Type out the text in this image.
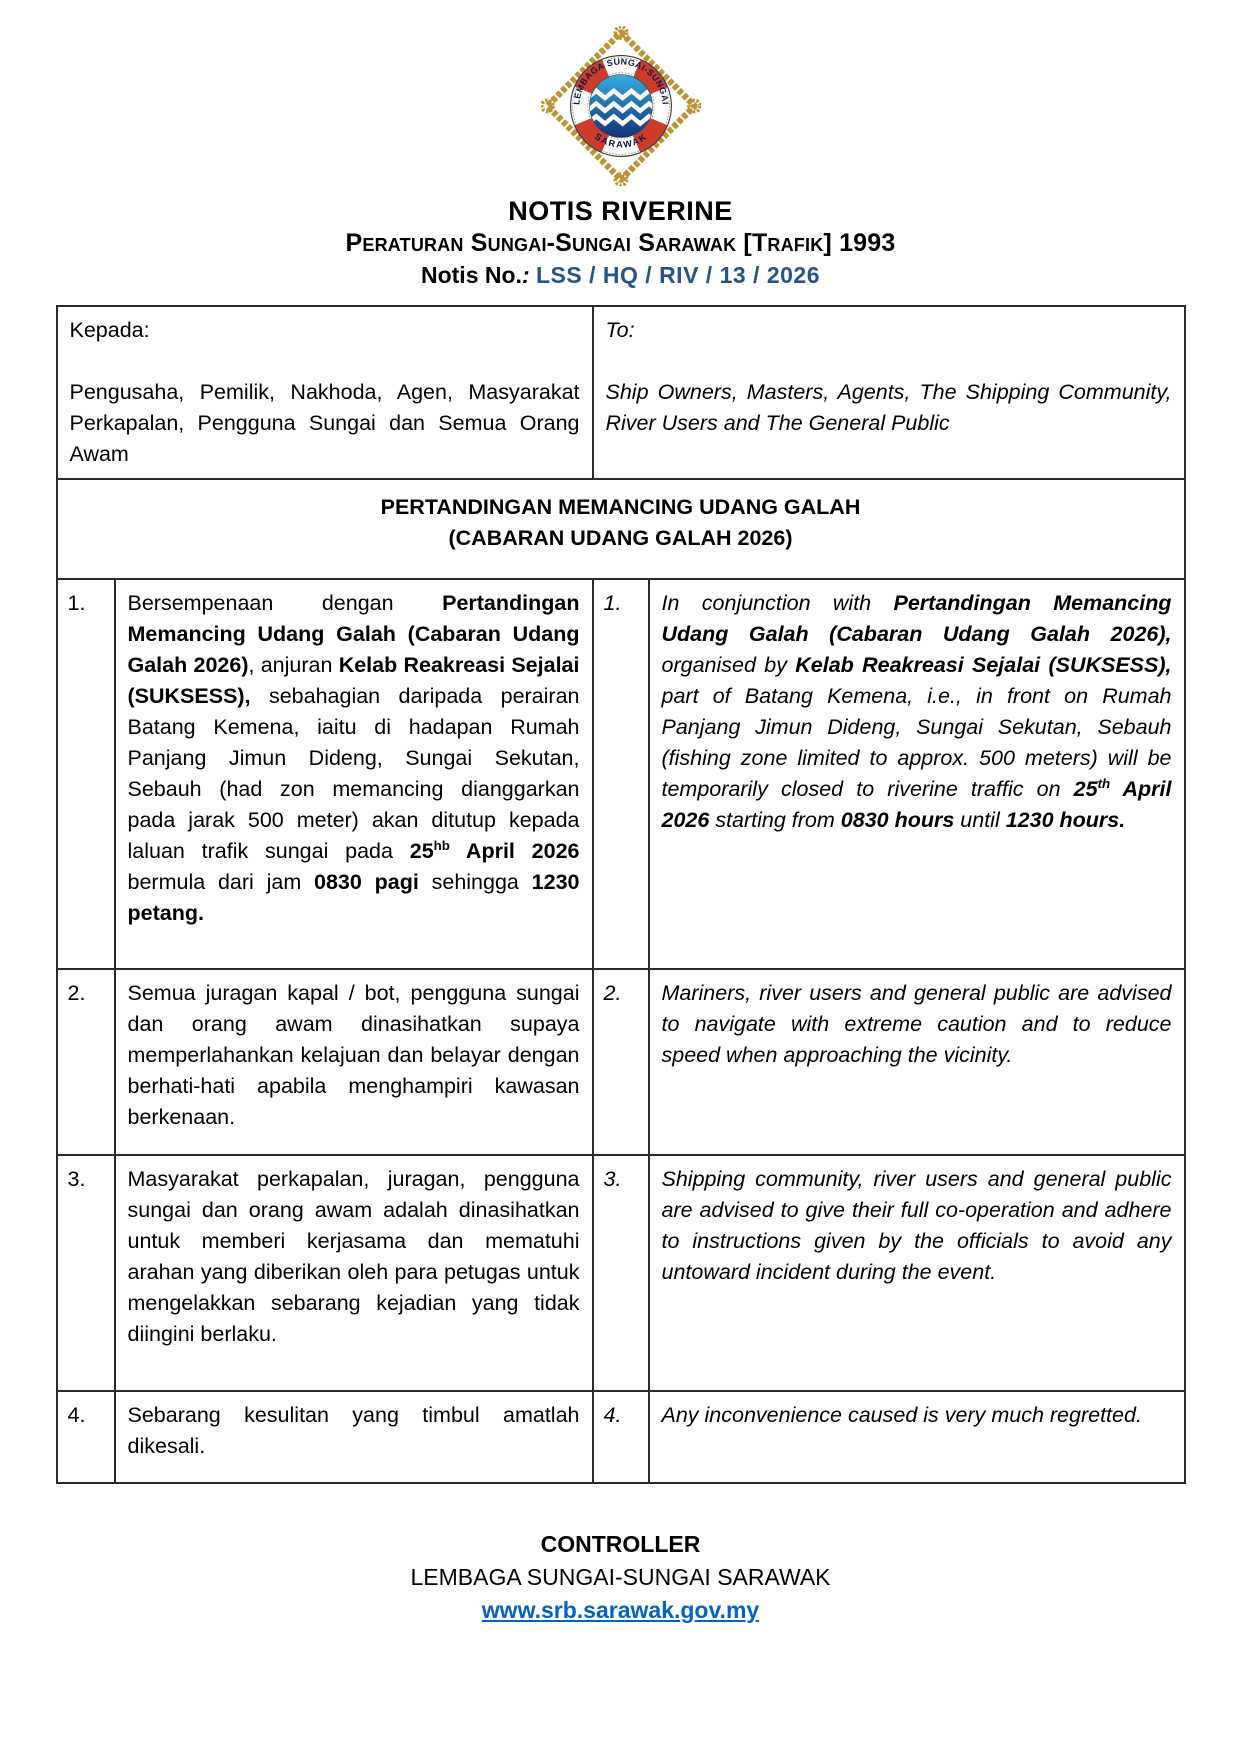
LEMBAGA SUNGAI-SUNGAI
SARAWAK
NOTIS RIVERINE
Peraturan Sungai-Sungai Sarawak [Trafik] 1993
Notis No.: LSS / HQ / RIV / 13 / 2026
Kepada:
Pengusaha, Pemilik, Nakhoda, Agen, Masyarakat Perkapalan, Pengguna Sungai dan Semua Orang Awam

To:
Ship Owners, Masters, Agents, The Shipping Community, River Users and The General Public

PERTANDINGAN MEMANCING UDANG GALAH
(CABARAN UDANG GALAH 2026)			

1.	Bersempenaan dengan Pertandingan Memancing Udang Galah (Cabaran Udang Galah 2026), anjuran Kelab Reakreasi Sejalai (SUKSESS), sebahagian daripada perairan Batang Kemena, iaitu di hadapan Rumah Panjang Jimun Dideng, Sungai Sekutan, Sebauh (had zon memancing dianggarkan pada jarak 500 meter) akan ditutup kepada laluan trafik sungai pada $25^{hb}$ April 2026 bermula dari jam 0830 pagi sehingga 1230 petang.	1.	In conjunction with Pertandingan Memancing Udang Galah (Cabaran Udang Galah 2026), organised by Kelab Reakreasi Sejalai (SUKSESS), part of Batang Kemena, i.e., in front on Rumah Panjang Jimun Dideng, Sungai Sekutan, Sebauh (fishing zone limited to approx. 500 meters) will be temporarily closed to riverine traffic on 25th April 2026 starting from 0830 hours until 1230 hours.
2.	Semua juragan kapal / bot, pengguna sungai dan orang awam dinasihatkan supaya memperlahankan kelajuan dan belayar dengan berhati-hati apabila menghampiri kawasan berkenaan.	2.	Mariners, river users and general public are advised to navigate with extreme caution and to reduce speed when approaching the vicinity.
3.	Masyarakat perkapalan, juragan, pengguna sungai dan orang awam adalah dinasihatkan untuk memberi kerjasama dan mematuhi arahan yang diberikan oleh para petugas untuk mengelakkan sebarang kejadian yang tidak diingini berlaku.	3.	Shipping community, river users and general public are advised to give their full co-operation and adhere to instructions given by the officials to avoid any untoward incident during the event.
4.	Sebarang kesulitan yang timbul amatlah dikesali.	4.	Any inconvenience caused is very much regretted.
CONTROLLER
LEMBAGA SUNGAI-SUNGAI SARAWAK
www.srb.sarawak.gov.my
